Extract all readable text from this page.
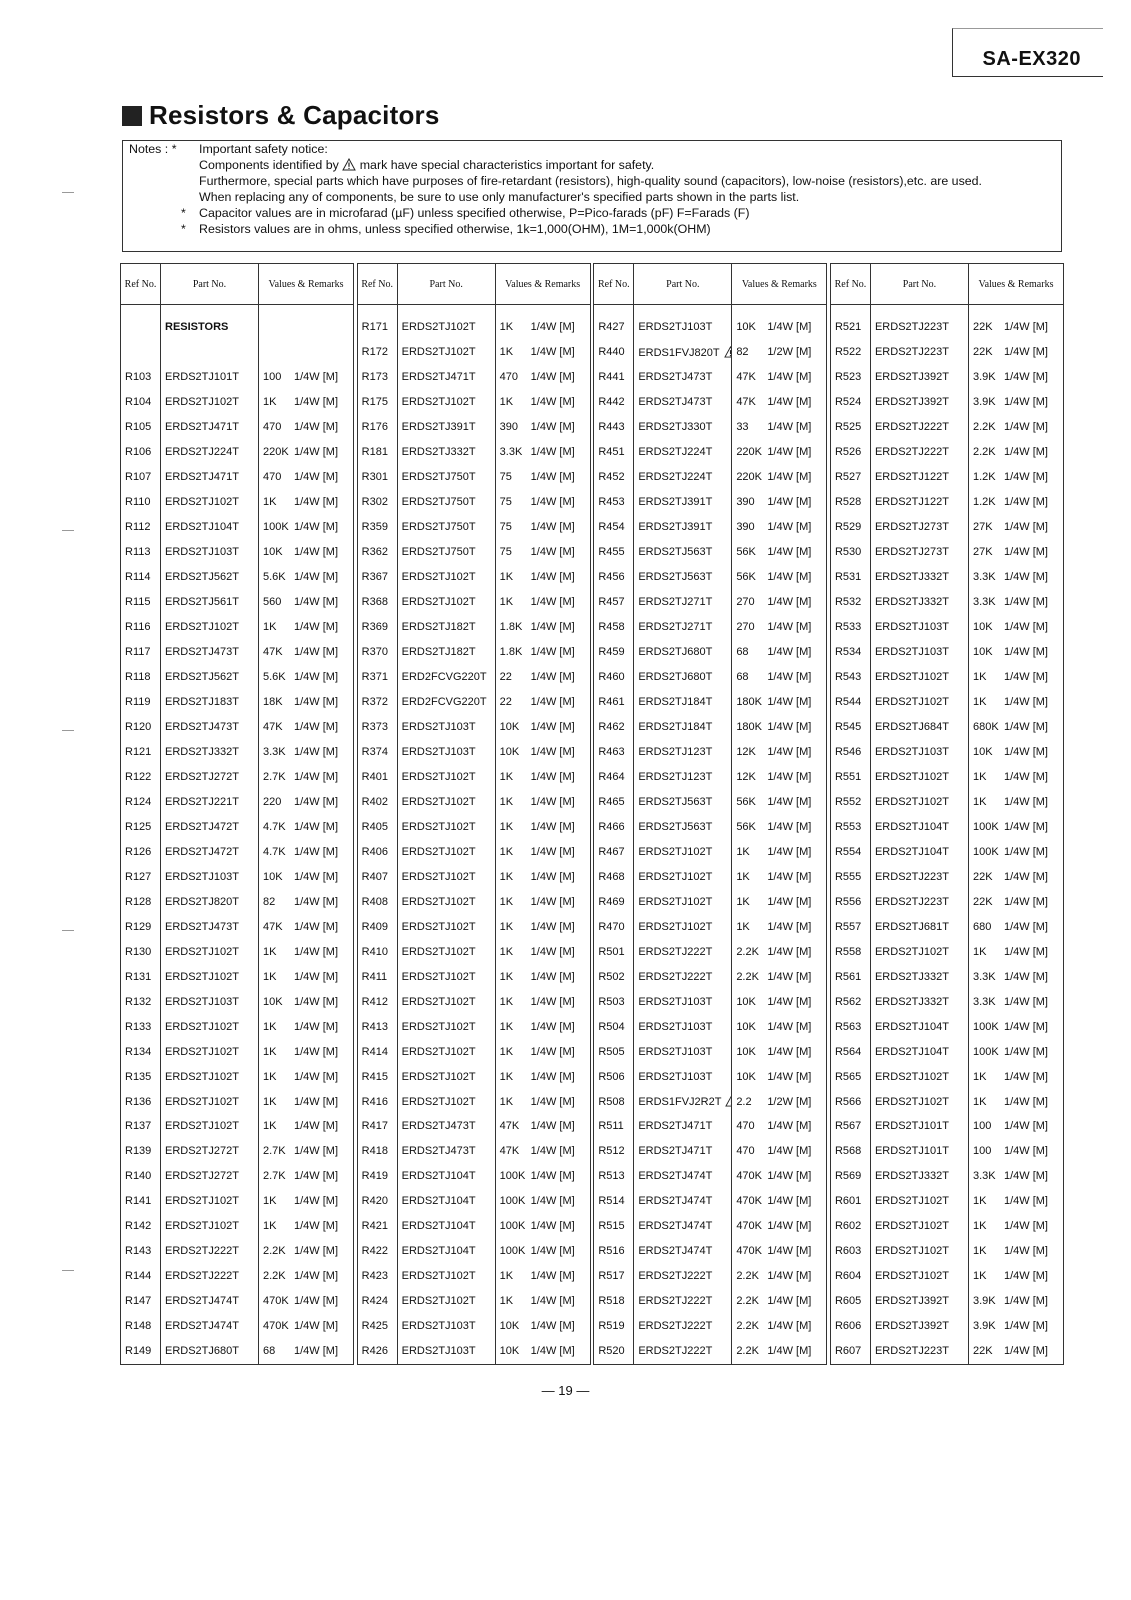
SA-EX320
Resistors & Capacitors
Notes : * Important safety notice:
Components identified by mark have special characteristics important for safety.
Furthermore, special parts which have purposes of fire-retardant (resistors), high-quality sound (capacitors), low-noise (resistors),etc. are used.
When replacing any of components, be sure to use only manufacturer's specified parts shown in the parts list.
* Capacitor values are in microfarad (µF) unless specified otherwise, P=Pico-farads (pF) F=Farads (F)
* Resistors values are in ohms, unless specified otherwise, 1k=1,000(OHM), 1M=1,000k(OHM)
Ref No.	Part No.	Values & Remarks

	RESISTORS	

R103	ERDS2TJ101T	100 1/4W [M]
R104	ERDS2TJ102T	1K 1/4W [M]
R105	ERDS2TJ471T	470 1/4W [M]
R106	ERDS2TJ224T	220K 1/4W [M]
R107	ERDS2TJ471T	470 1/4W [M]
R110	ERDS2TJ102T	1K 1/4W [M]
R112	ERDS2TJ104T	100K 1/4W [M]
R113	ERDS2TJ103T	10K 1/4W [M]
R114	ERDS2TJ562T	5.6K 1/4W [M]
R115	ERDS2TJ561T	560 1/4W [M]
R116	ERDS2TJ102T	1K 1/4W [M]
R117	ERDS2TJ473T	47K 1/4W [M]
R118	ERDS2TJ562T	5.6K 1/4W [M]
R119	ERDS2TJ183T	18K 1/4W [M]
R120	ERDS2TJ473T	47K 1/4W [M]
R121	ERDS2TJ332T	3.3K 1/4W [M]
R122	ERDS2TJ272T	2.7K 1/4W [M]
R124	ERDS2TJ221T	220 1/4W [M]
R125	ERDS2TJ472T	4.7K 1/4W [M]
R126	ERDS2TJ472T	4.7K 1/4W [M]
R127	ERDS2TJ103T	10K 1/4W [M]
R128	ERDS2TJ820T	82 1/4W [M]
R129	ERDS2TJ473T	47K 1/4W [M]
R130	ERDS2TJ102T	1K 1/4W [M]
R131	ERDS2TJ102T	1K 1/4W [M]
R132	ERDS2TJ103T	10K 1/4W [M]
R133	ERDS2TJ102T	1K 1/4W [M]
R134	ERDS2TJ102T	1K 1/4W [M]
R135	ERDS2TJ102T	1K 1/4W [M]
R136	ERDS2TJ102T	1K 1/4W [M]
R137	ERDS2TJ102T	1K 1/4W [M]
R139	ERDS2TJ272T	2.7K 1/4W [M]
R140	ERDS2TJ272T	2.7K 1/4W [M]
R141	ERDS2TJ102T	1K 1/4W [M]
R142	ERDS2TJ102T	1K 1/4W [M]
R143	ERDS2TJ222T	2.2K 1/4W [M]
R144	ERDS2TJ222T	2.2K 1/4W [M]
R147	ERDS2TJ474T	470K 1/4W [M]
R148	ERDS2TJ474T	470K 1/4W [M]
R149	ERDS2TJ680T	68 1/4W [M]
Ref No.	Part No.	Values & Remarks

R171	ERDS2TJ102T	1K 1/4W [M]
R172	ERDS2TJ102T	1K 1/4W [M]
R173	ERDS2TJ471T	470 1/4W [M]
R175	ERDS2TJ102T	1K 1/4W [M]
R176	ERDS2TJ391T	390 1/4W [M]
R181	ERDS2TJ332T	3.3K 1/4W [M]
R301	ERDS2TJ750T	75 1/4W [M]
R302	ERDS2TJ750T	75 1/4W [M]
R359	ERDS2TJ750T	75 1/4W [M]
R362	ERDS2TJ750T	75 1/4W [M]
R367	ERDS2TJ102T	1K 1/4W [M]
R368	ERDS2TJ102T	1K 1/4W [M]
R369	ERDS2TJ182T	1.8K 1/4W [M]
R370	ERDS2TJ182T	1.8K 1/4W [M]
R371	ERD2FCVG220T	22 1/4W [M]
R372	ERD2FCVG220T	22 1/4W [M]
R373	ERDS2TJ103T	10K 1/4W [M]
R374	ERDS2TJ103T	10K 1/4W [M]
R401	ERDS2TJ102T	1K 1/4W [M]
R402	ERDS2TJ102T	1K 1/4W [M]
R405	ERDS2TJ102T	1K 1/4W [M]
R406	ERDS2TJ102T	1K 1/4W [M]
R407	ERDS2TJ102T	1K 1/4W [M]
R408	ERDS2TJ102T	1K 1/4W [M]
R409	ERDS2TJ102T	1K 1/4W [M]
R410	ERDS2TJ102T	1K 1/4W [M]
R411	ERDS2TJ102T	1K 1/4W [M]
R412	ERDS2TJ102T	1K 1/4W [M]
R413	ERDS2TJ102T	1K 1/4W [M]
R414	ERDS2TJ102T	1K 1/4W [M]
R415	ERDS2TJ102T	1K 1/4W [M]
R416	ERDS2TJ102T	1K 1/4W [M]
R417	ERDS2TJ473T	47K 1/4W [M]
R418	ERDS2TJ473T	47K 1/4W [M]
R419	ERDS2TJ104T	100K 1/4W [M]
R420	ERDS2TJ104T	100K 1/4W [M]
R421	ERDS2TJ104T	100K 1/4W [M]
R422	ERDS2TJ104T	100K 1/4W [M]
R423	ERDS2TJ102T	1K 1/4W [M]
R424	ERDS2TJ102T	1K 1/4W [M]
R425	ERDS2TJ103T	10K 1/4W [M]
R426	ERDS2TJ103T	10K 1/4W [M]
Ref No.	Part No.	Values & Remarks

R427	ERDS2TJ103T	10K 1/4W [M]
R440	ERDS1FVJ820T	82 1/2W [M]
R441	ERDS2TJ473T	47K 1/4W [M]
R442	ERDS2TJ473T	47K 1/4W [M]
R443	ERDS2TJ330T	33 1/4W [M]
R451	ERDS2TJ224T	220K 1/4W [M]
R452	ERDS2TJ224T	220K 1/4W [M]
R453	ERDS2TJ391T	390 1/4W [M]
R454	ERDS2TJ391T	390 1/4W [M]
R455	ERDS2TJ563T	56K 1/4W [M]
R456	ERDS2TJ563T	56K 1/4W [M]
R457	ERDS2TJ271T	270 1/4W [M]
R458	ERDS2TJ271T	270 1/4W [M]
R459	ERDS2TJ680T	68 1/4W [M]
R460	ERDS2TJ680T	68 1/4W [M]
R461	ERDS2TJ184T	180K 1/4W [M]
R462	ERDS2TJ184T	180K 1/4W [M]
R463	ERDS2TJ123T	12K 1/4W [M]
R464	ERDS2TJ123T	12K 1/4W [M]
R465	ERDS2TJ563T	56K 1/4W [M]
R466	ERDS2TJ563T	56K 1/4W [M]
R467	ERDS2TJ102T	1K 1/4W [M]
R468	ERDS2TJ102T	1K 1/4W [M]
R469	ERDS2TJ102T	1K 1/4W [M]
R470	ERDS2TJ102T	1K 1/4W [M]
R501	ERDS2TJ222T	2.2K 1/4W [M]
R502	ERDS2TJ222T	2.2K 1/4W [M]
R503	ERDS2TJ103T	10K 1/4W [M]
R504	ERDS2TJ103T	10K 1/4W [M]
R505	ERDS2TJ103T	10K 1/4W [M]
R506	ERDS2TJ103T	10K 1/4W [M]
R508	ERDS1FVJ2R2T	2.2 1/2W [M]
R511	ERDS2TJ471T	470 1/4W [M]
R512	ERDS2TJ471T	470 1/4W [M]
R513	ERDS2TJ474T	470K 1/4W [M]
R514	ERDS2TJ474T	470K 1/4W [M]
R515	ERDS2TJ474T	470K 1/4W [M]
R516	ERDS2TJ474T	470K 1/4W [M]
R517	ERDS2TJ222T	2.2K 1/4W [M]
R518	ERDS2TJ222T	2.2K 1/4W [M]
R519	ERDS2TJ222T	2.2K 1/4W [M]
R520	ERDS2TJ222T	2.2K 1/4W [M]
Ref No.	Part No.	Values & Remarks

R521	ERDS2TJ223T	22K 1/4W [M]
R522	ERDS2TJ223T	22K 1/4W [M]
R523	ERDS2TJ392T	3.9K 1/4W [M]
R524	ERDS2TJ392T	3.9K 1/4W [M]
R525	ERDS2TJ222T	2.2K 1/4W [M]
R526	ERDS2TJ222T	2.2K 1/4W [M]
R527	ERDS2TJ122T	1.2K 1/4W [M]
R528	ERDS2TJ122T	1.2K 1/4W [M]
R529	ERDS2TJ273T	27K 1/4W [M]
R530	ERDS2TJ273T	27K 1/4W [M]
R531	ERDS2TJ332T	3.3K 1/4W [M]
R532	ERDS2TJ332T	3.3K 1/4W [M]
R533	ERDS2TJ103T	10K 1/4W [M]
R534	ERDS2TJ103T	10K 1/4W [M]
R543	ERDS2TJ102T	1K 1/4W [M]
R544	ERDS2TJ102T	1K 1/4W [M]
R545	ERDS2TJ684T	680K 1/4W [M]
R546	ERDS2TJ103T	10K 1/4W [M]
R551	ERDS2TJ102T	1K 1/4W [M]
R552	ERDS2TJ102T	1K 1/4W [M]
R553	ERDS2TJ104T	100K 1/4W [M]
R554	ERDS2TJ104T	100K 1/4W [M]
R555	ERDS2TJ223T	22K 1/4W [M]
R556	ERDS2TJ223T	22K 1/4W [M]
R557	ERDS2TJ681T	680 1/4W [M]
R558	ERDS2TJ102T	1K 1/4W [M]
R561	ERDS2TJ332T	3.3K 1/4W [M]
R562	ERDS2TJ332T	3.3K 1/4W [M]
R563	ERDS2TJ104T	100K 1/4W [M]
R564	ERDS2TJ104T	100K 1/4W [M]
R565	ERDS2TJ102T	1K 1/4W [M]
R566	ERDS2TJ102T	1K 1/4W [M]
R567	ERDS2TJ101T	100 1/4W [M]
R568	ERDS2TJ101T	100 1/4W [M]
R569	ERDS2TJ332T	3.3K 1/4W [M]
R601	ERDS2TJ102T	1K 1/4W [M]
R602	ERDS2TJ102T	1K 1/4W [M]
R603	ERDS2TJ102T	1K 1/4W [M]
R604	ERDS2TJ102T	1K 1/4W [M]
R605	ERDS2TJ392T	3.9K 1/4W [M]
R606	ERDS2TJ392T	3.9K 1/4W [M]
R607	ERDS2TJ223T	22K 1/4W [M]
— 19 —
